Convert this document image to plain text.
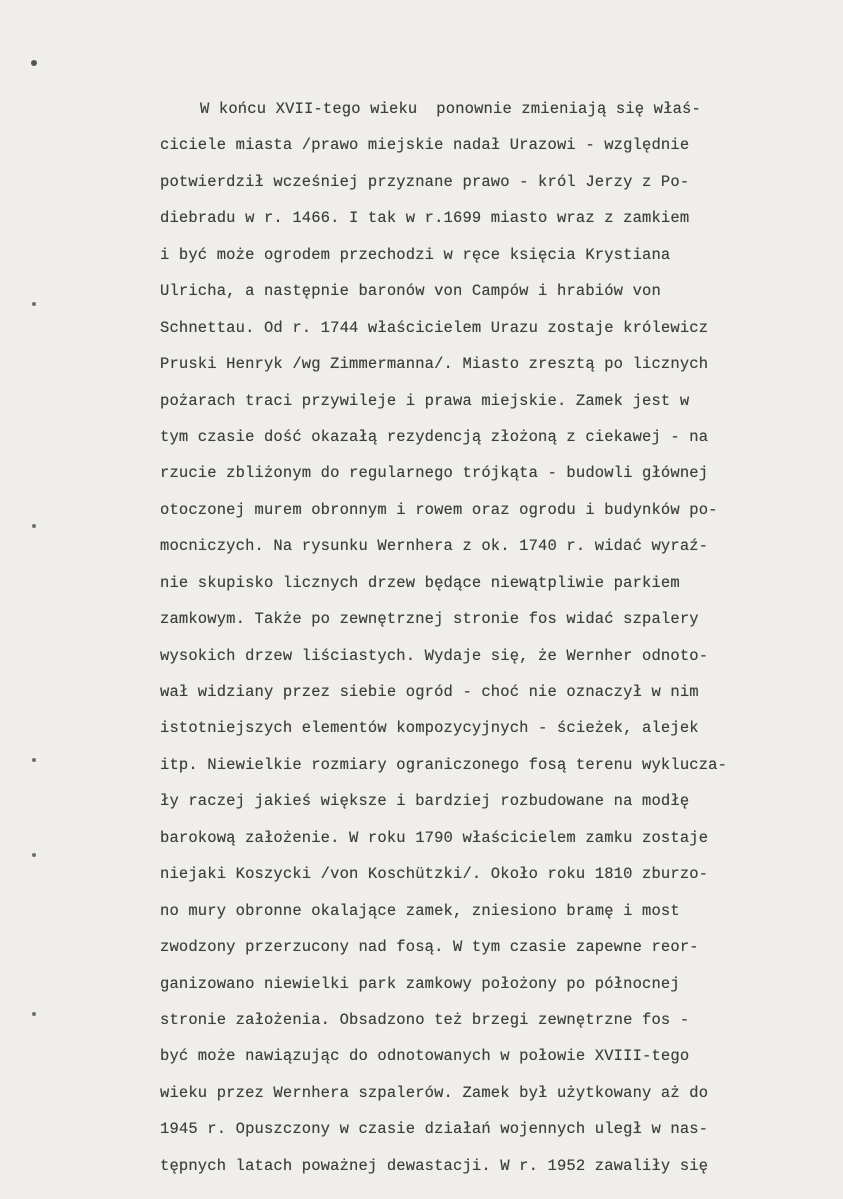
W końcu XVII-tego wieku  ponownie zmieniają się właś-
ciciele miasta /prawo miejskie nadał Urazowi - względnie
potwierdził wcześniej przyznane prawo - król Jerzy z Po-
diebradu w r. 1466. I tak w r.1699 miasto wraz z zamkiem
i być może ogrodem przechodzi w ręce księcia Krystiana
Ulricha, a następnie baronów von Campów i hrabiów von
Schnettau. Od r. 1744 właścicielem Urazu zostaje królewicz
Pruski Henryk /wg Zimmermanna/. Miasto zresztą po licznych
pożarach traci przywileje i prawa miejskie. Zamek jest w
tym czasie dość okazałą rezydencją złożoną z ciekawej - na
rzucie zbliżonym do regularnego trójkąta - budowli głównej
otoczonej murem obronnym i rowem oraz ogrodu i budynków po-
mocniczych. Na rysunku Wernhera z ok. 1740 r. widać wyraź-
nie skupisko licznych drzew będące niewątpliwie parkiem
zamkowym. Także po zewnętrznej stronie fos widać szpalery
wysokich drzew liściastych. Wydaje się, że Wernher odnoto-
wał widziany przez siebie ogród - choć nie oznaczył w nim
istotniejszych elementów kompozycyjnych - ścieżek, alejek
itp. Niewielkie rozmiary ograniczonego fosą terenu wyklucza-
ły raczej jakieś większe i bardziej rozbudowane na modłę
barokową założenie. W roku 1790 właścicielem zamku zostaje
niejaki Koszycki /von Koschützki/. Około roku 1810 zburzo-
no mury obronne okalające zamek, zniesiono bramę i most
zwodzony przerzucony nad fosą. W tym czasie zapewne reor-
ganizowano niewielki park zamkowy położony po północnej
stronie założenia. Obsadzono też brzegi zewnętrzne fos -
być może nawiązując do odnotowanych w połowie XVIII-tego
wieku przez Wernhera szpalerów. Zamek był użytkowany aż do
1945 r. Opuszczony w czasie działań wojennych uległ w nas-
tępnych latach poważnej dewastacji. W r. 1952 zawaliły się
